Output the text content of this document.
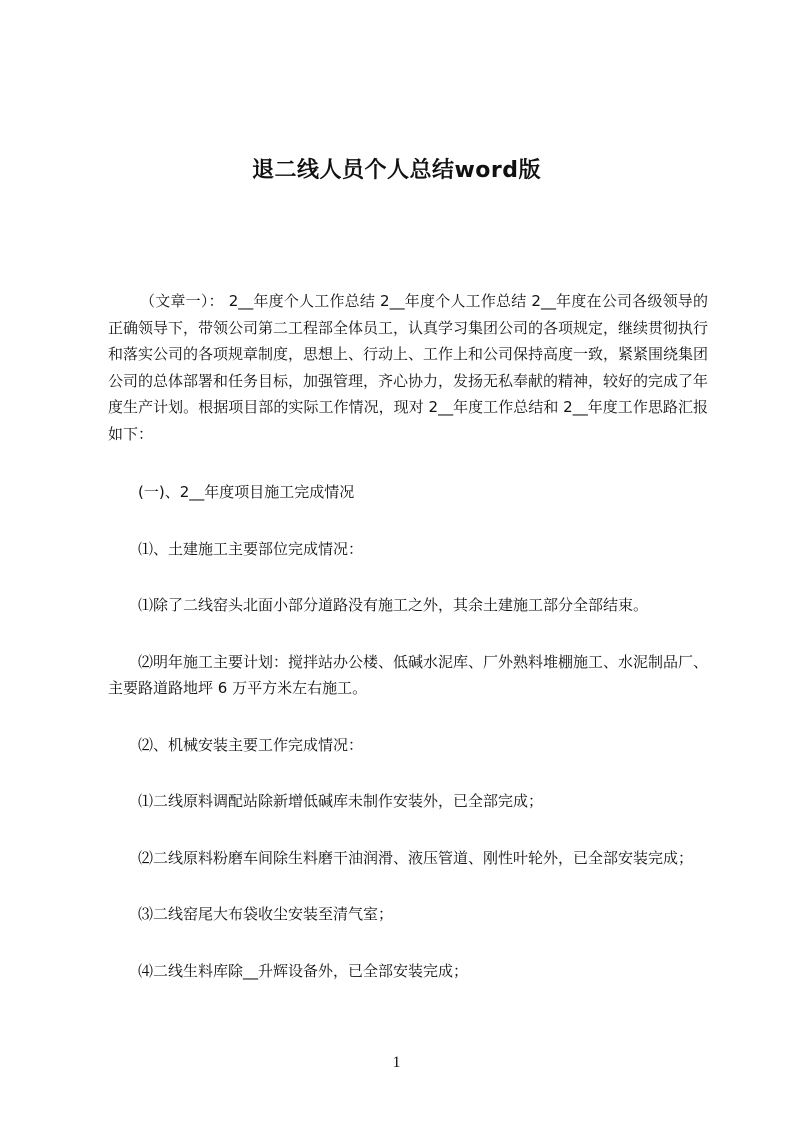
退二线人员个人总结word版

（文章一）： 2__年度个人工作总结 2__年度个人工作总结 2__年度在公司各级领导的正确领导下，带领公司第二工程部全体员工，认真学习集团公司的各项规定，继续贯彻执行和落实公司的各项规章制度，思想上、行动上、工作上和公司保持高度一致，紧紧围绕集团公司的总体部署和任务目标，加强管理，齐心协力，发扬无私奉献的精神，较好的完成了年度生产计划。根据项目部的实际工作情况，现对 2__年度工作总结和 2__年度工作思路汇报如下：

(一)、2__年度项目施工完成情况

⑴、土建施工主要部位完成情况：

⑴除了二线窑头北面小部分道路没有施工之外，其余土建施工部分全部结束。

⑵明年施工主要计划：搅拌站办公楼、低碱水泥库、厂外熟料堆棚施工、水泥制品厂、主要路道路地坪 6 万平方米左右施工。

⑵、机械安装主要工作完成情况：

⑴二线原料调配站除新增低碱库未制作安装外，已全部完成；

⑵二线原料粉磨车间除生料磨干油润滑、液压管道、刚性叶轮外，已全部安装完成；

⑶二线窑尾大布袋收尘安装至清气室；

⑷二线生料库除__升辉设备外，已全部安装完成；

1
